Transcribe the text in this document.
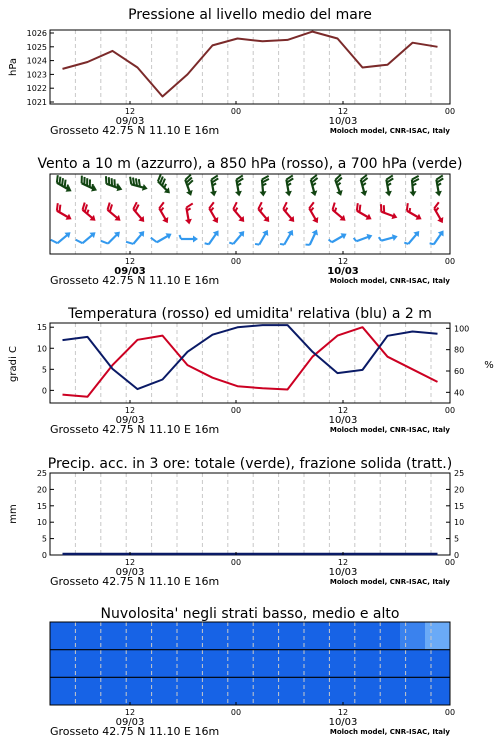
Pressione al livello medio del mare
1021
1022
1023
1024
1025
1026
hPa
12	00	12	00
09/03	10/03
Grosseto 42.75 N 11.10 E 16m	Moloch model, CNR-ISAC, Italy
Vento a 10 m (azzurro), a 850 hPa (rosso), a 700 hPa (verde)
12	00	12	00
09/03	10/03
Grosseto 42.75 N 11.10 E 16m	Moloch model, CNR-ISAC, Italy
Temperatura (rosso) ed umidita' relativa (blu) a 2 m
0
5
10
15
40
60
80
100
gradi C	%
12	00	12	00
09/03	10/03
Grosseto 42.75 N 11.10 E 16m	Moloch model, CNR-ISAC, Italy
Precip. acc. in 3 ore: totale (verde), frazione solida (tratt.)
0
5
10
15
20
25
0
5
10
15
20
25
mm
12	00	12	00
09/03	10/03
Grosseto 42.75 N 11.10 E 16m	Moloch model, CNR-ISAC, Italy
Nuvolosita' negli strati basso, medio e alto
12	00	12	00
09/03	10/03
Grosseto 42.75 N 11.10 E 16m	Moloch model, CNR-ISAC, Italy
